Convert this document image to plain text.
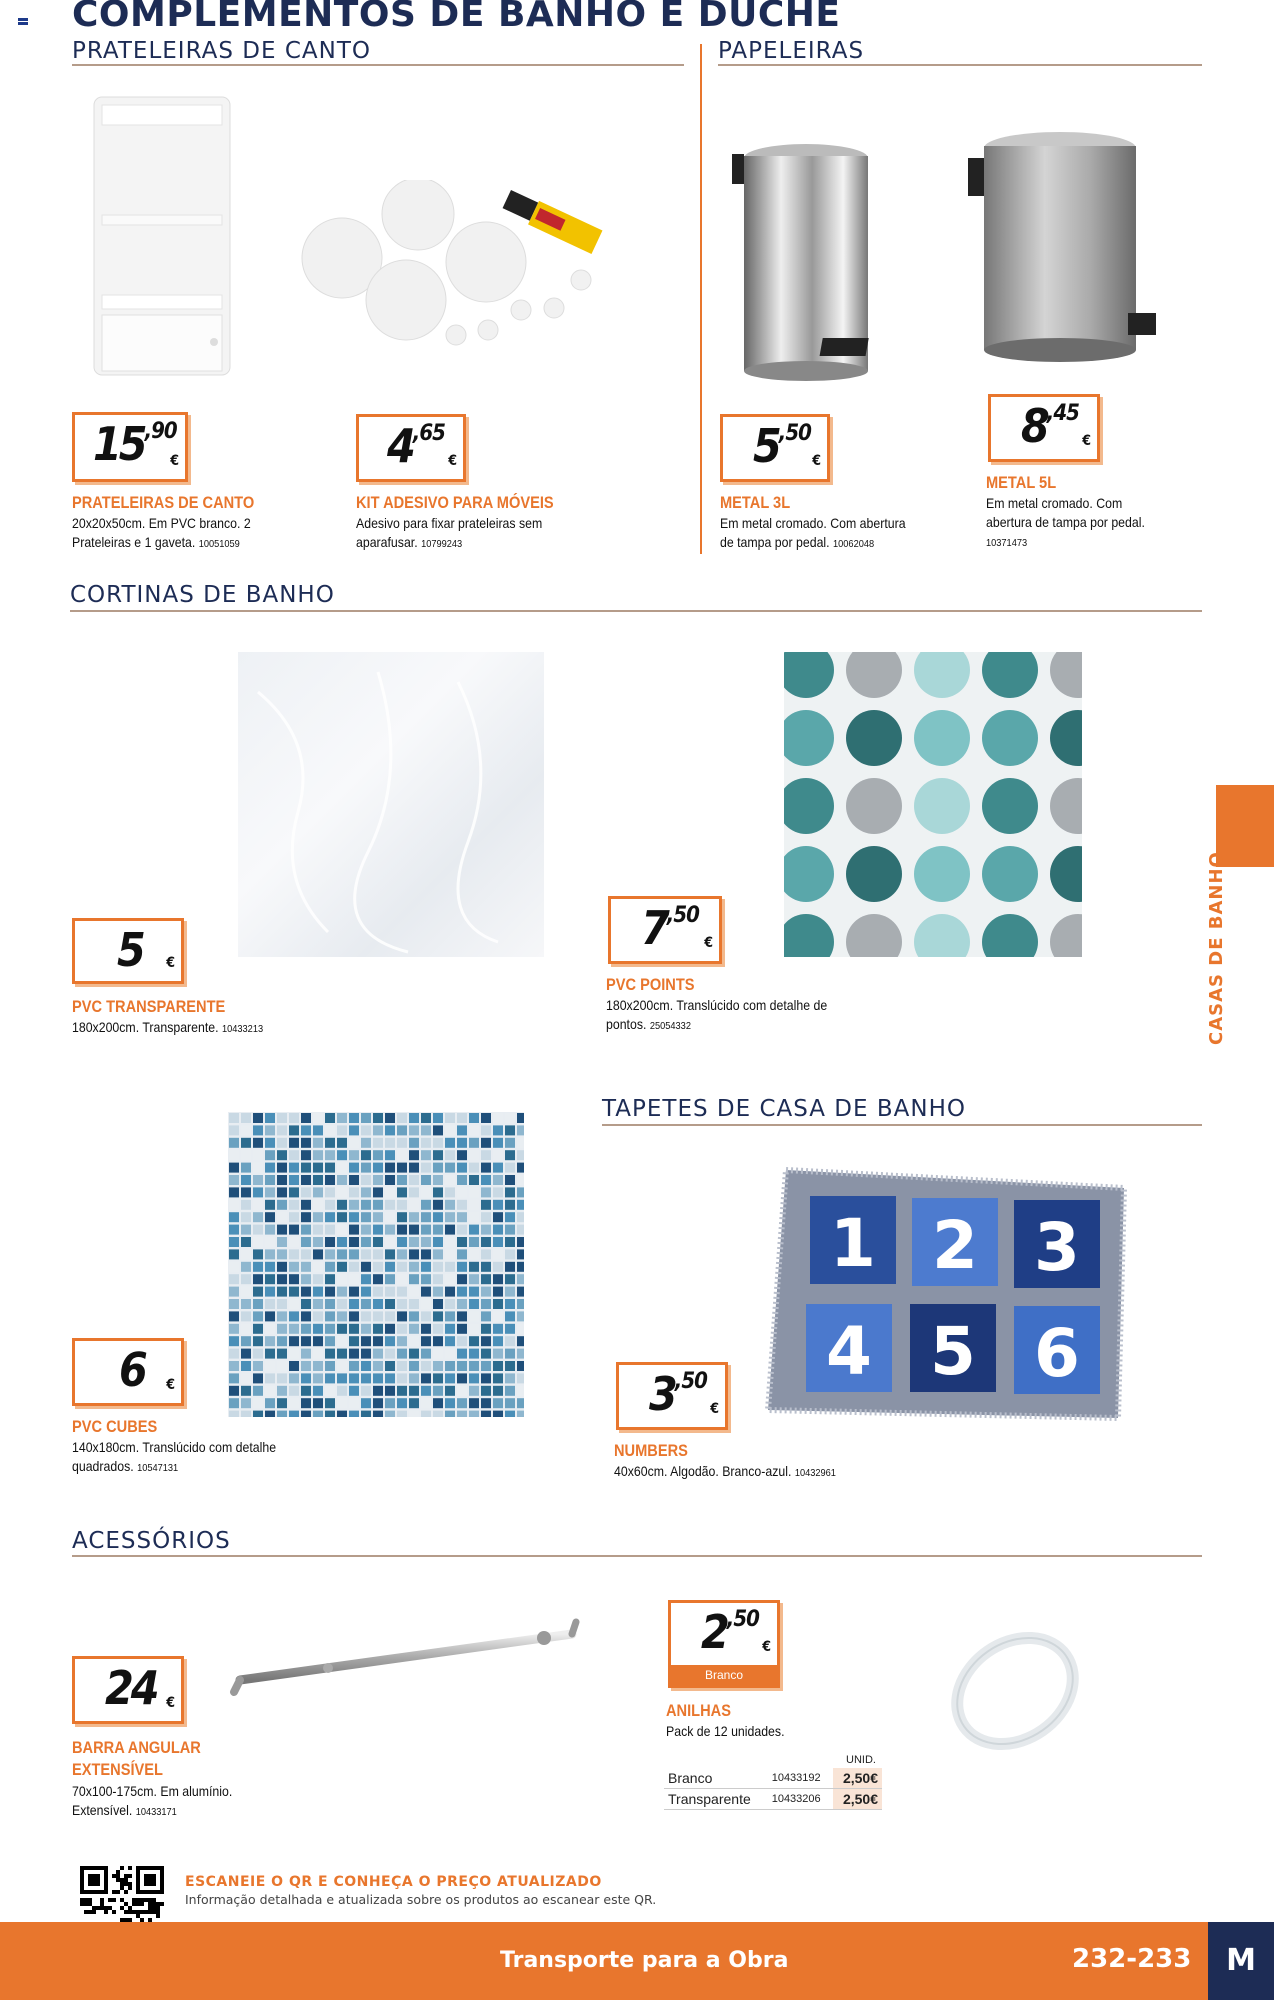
COMPLEMENTOS DE BANHO E DUCHE
PRATELEIRAS DE CANTO	PAPELEIRAS
15,90
€
PRATELEIRAS DE CANTO
20x20x50cm. Em PVC branco. 2 Prateleiras e 1 gaveta. 10051059
4,65
€
KIT ADESIVO PARA MÓVEIS
Adesivo para fixar prateleiras sem aparafusar. 10799243
5,50
€
METAL 3L
Em metal cromado. Com abertura de tampa por pedal. 10062048
8,45
€
METAL 5L
Em metal cromado. Com abertura de tampa por pedal. 10371473
CORTINAS DE BANHO
5 €
PVC TRANSPARENTE
180x200cm. Transparente. 10433213
7,50
€
PVC POINTS
180x200cm. Translúcido com detalhe de pontos. 25054332
6 €
PVC CUBES
140x180cm. Translúcido com detalhe quadrados. 10547131
TAPETES DE CASA DE BANHO
1 2 3
4 5 6
3,50
€
NUMBERS
40x60cm. Algodão. Branco-azul. 10432961
ACESSÓRIOS
24 €
BARRA ANGULAR EXTENSÍVEL
70x100-175cm. Em alumínio. Extensível. 10433171
2,50
€
Branco
ANILHAS
Pack de 12 unidades.
UNID.
Branco	10433192	2,50€
Transparente	10433206	2,50€
CASAS DE BANHO
ESCANEIE O QR E CONHEÇA O PREÇO ATUALIZADO
Informação detalhada e atualizada sobre os produtos ao escanear este QR.
Transporte para a Obra	232-233	M
